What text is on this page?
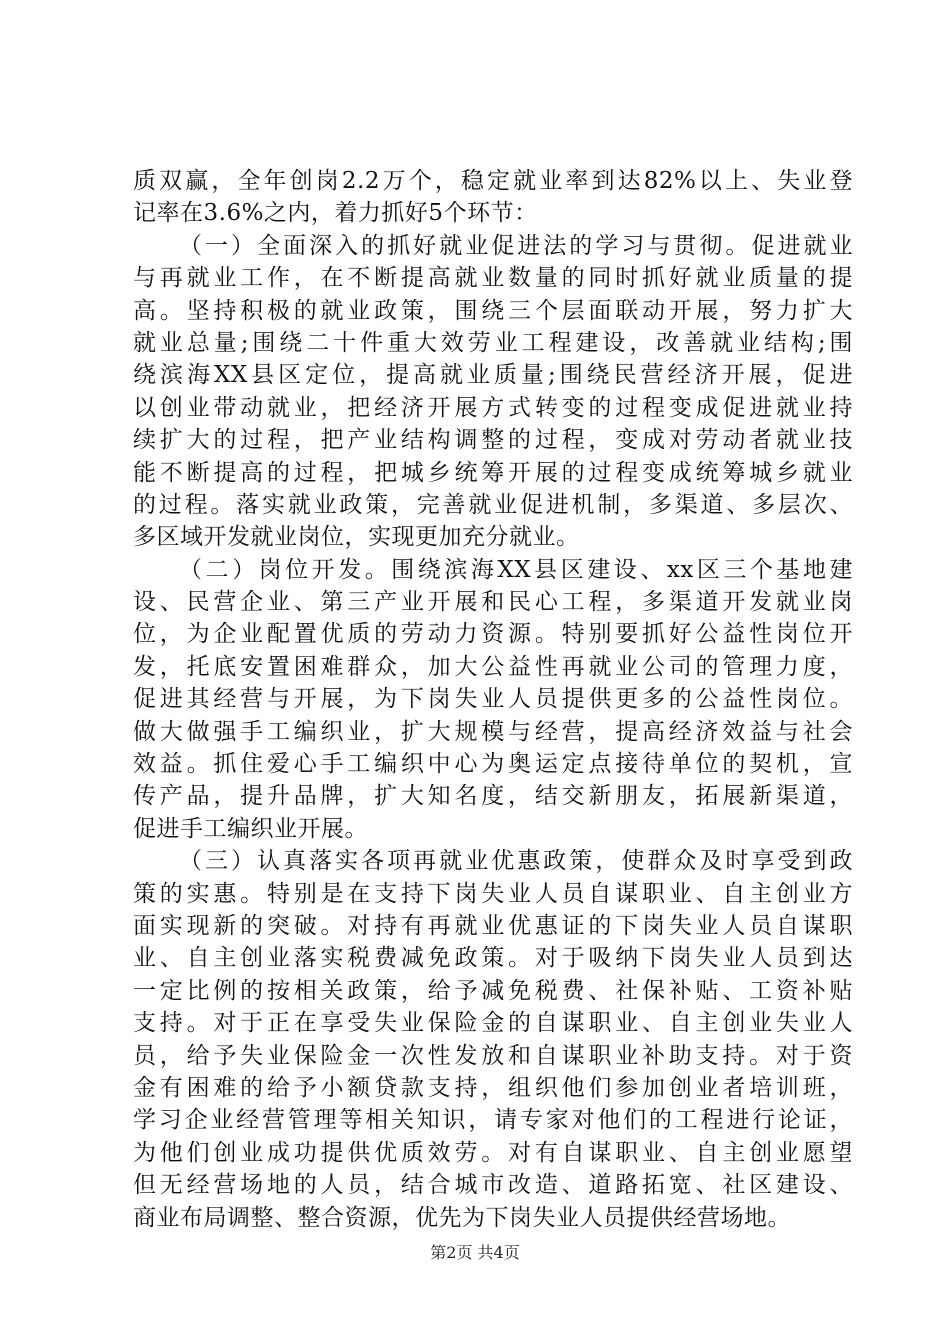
质双赢，全年创岗2.2万个，稳定就业率到达82%以上、失业登
记率在3.6%之内，着力抓好5个环节：
（一）全面深入的抓好就业促进法的学习与贯彻。促进就业
与再就业工作，在不断提高就业数量的同时抓好就业质量的提
高。坚持积极的就业政策，围绕三个层面联动开展，努力扩大
就业总量;围绕二十件重大效劳业工程建设，改善就业结构;围
绕滨海XX县区定位，提高就业质量;围绕民营经济开展，促进
以创业带动就业，把经济开展方式转变的过程变成促进就业持
续扩大的过程，把产业结构调整的过程，变成对劳动者就业技
能不断提高的过程，把城乡统筹开展的过程变成统筹城乡就业
的过程。落实就业政策，完善就业促进机制，多渠道、多层次、
多区域开发就业岗位，实现更加充分就业。
（二）岗位开发。围绕滨海XX县区建设、xx区三个基地建
设、民营企业、第三产业开展和民心工程，多渠道开发就业岗
位，为企业配置优质的劳动力资源。特别要抓好公益性岗位开
发，托底安置困难群众，加大公益性再就业公司的管理力度，
促进其经营与开展，为下岗失业人员提供更多的公益性岗位。
做大做强手工编织业，扩大规模与经营，提高经济效益与社会
效益。抓住爱心手工编织中心为奥运定点接待单位的契机，宣
传产品，提升品牌，扩大知名度，结交新朋友，拓展新渠道，
促进手工编织业开展。
（三）认真落实各项再就业优惠政策，使群众及时享受到政
策的实惠。特别是在支持下岗失业人员自谋职业、自主创业方
面实现新的突破。对持有再就业优惠证的下岗失业人员自谋职
业、自主创业落实税费减免政策。对于吸纳下岗失业人员到达
一定比例的按相关政策，给予减免税费、社保补贴、工资补贴
支持。对于正在享受失业保险金的自谋职业、自主创业失业人
员，给予失业保险金一次性发放和自谋职业补助支持。对于资
金有困难的给予小额贷款支持，组织他们参加创业者培训班，
学习企业经营管理等相关知识，请专家对他们的工程进行论证，
为他们创业成功提供优质效劳。对有自谋职业、自主创业愿望
但无经营场地的人员，结合城市改造、道路拓宽、社区建设、
商业布局调整、整合资源，优先为下岗失业人员提供经营场地。
第2页 共4页
